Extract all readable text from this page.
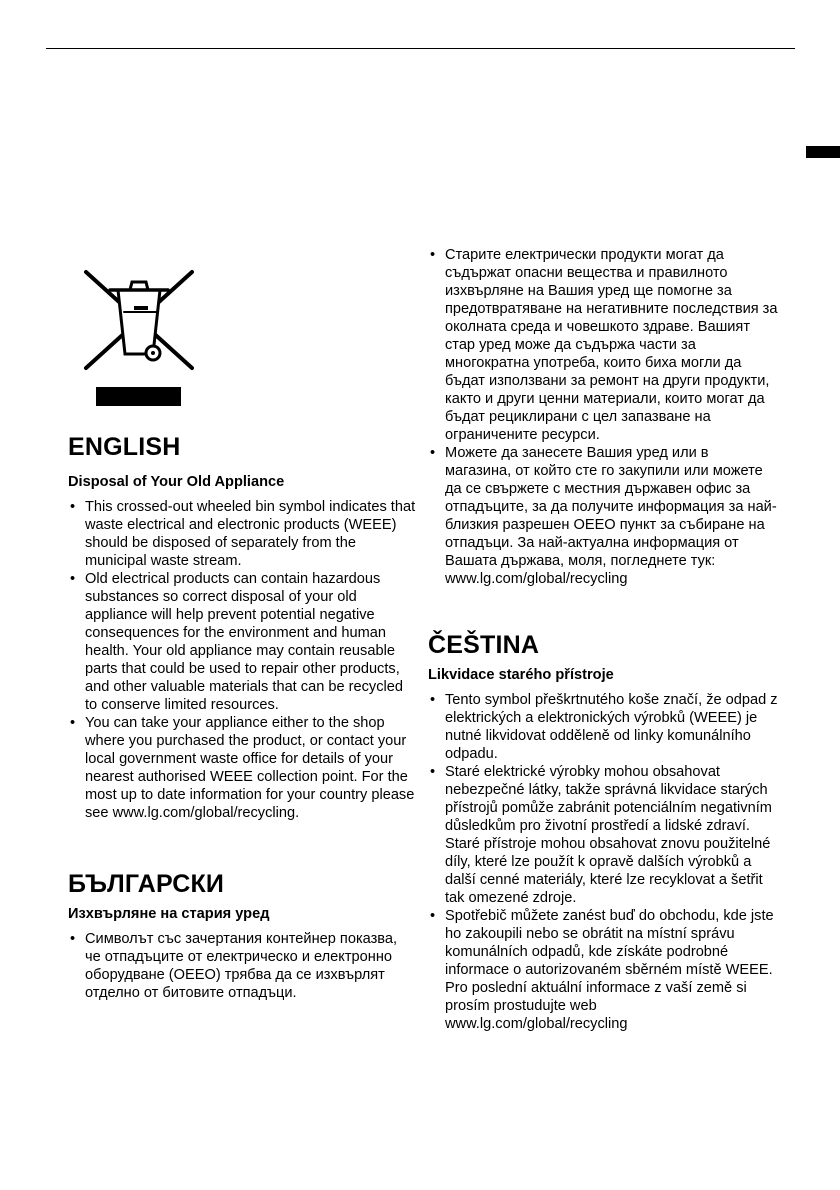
ENGLISH
Disposal of Your Old Appliance
• This crossed-out wheeled bin symbol indicates that waste electrical and electronic products (WEEE) should be disposed of separately from the municipal waste stream.
• Old electrical products can contain hazardous substances so correct disposal of your old appliance will help prevent potential negative consequences for the environment and human health. Your old appliance may contain reusable parts that could be used to repair other products, and other valuable materials that can be recycled to conserve limited resources.
• You can take your appliance either to the shop where you purchased the product, or contact your local government waste office for details of your nearest authorised WEEE collection point. For the most up to date information for your country please see www.lg.com/global/recycling.
БЪЛГАРСКИ
Изхвърляне на стария уред
• Символът със зачертания контейнер показва, че отпадъците от електрическо и електронно оборудване (ОЕЕО) трябва да се изхвърлят отделно от битовите отпадъци.
• Старите електрически продукти могат да съдържат опасни вещества и правилното изхвърляне на Вашия уред ще помогне за предотвратяване на негативните последствия за околната среда и човешкото здраве. Вашият стар уред може да съдържа части за многократна употреба, които биха могли да бъдат използвани за ремонт на други продукти, както и други ценни материали, които могат да бъдат рециклирани с цел запазване на ограничените ресурси.
• Можете да занесете Вашия уред или в магазина, от който сте го закупили или можете да се свържете с местния държавен офис за отпадъците, за да получите информация за най-близкия разрешен ОЕЕО пункт за събиране на отпадъци. За най-актуална информация от Вашата държава, моля, погледнете тук: www.lg.com/global/recycling
ČEŠTINA
Likvidace starého přístroje
• Tento symbol přeškrtnutého koše značí, že odpad z elektrických a elektronických výrobků (WEEE) je nutné likvidovat odděleně od linky komunálního odpadu.
• Staré elektrické výrobky mohou obsahovat nebezpečné látky, takže správná likvidace starých přístrojů pomůže zabránit potenciálním negativním důsledkům pro životní prostředí a lidské zdraví. Staré přístroje mohou obsahovat znovu použitelné díly, které lze použít k opravě dalších výrobků a další cenné materiály, které lze recyklovat a šetřit tak omezené zdroje.
• Spotřebič můžete zanést buď do obchodu, kde jste ho zakoupili nebo se obrátit na místní správu komunálních odpadů, kde získáte podrobné informace o autorizovaném sběrném místě WEEE. Pro poslední aktuální informace z vaší země si prosím prostudujte web www.lg.com/global/recycling
